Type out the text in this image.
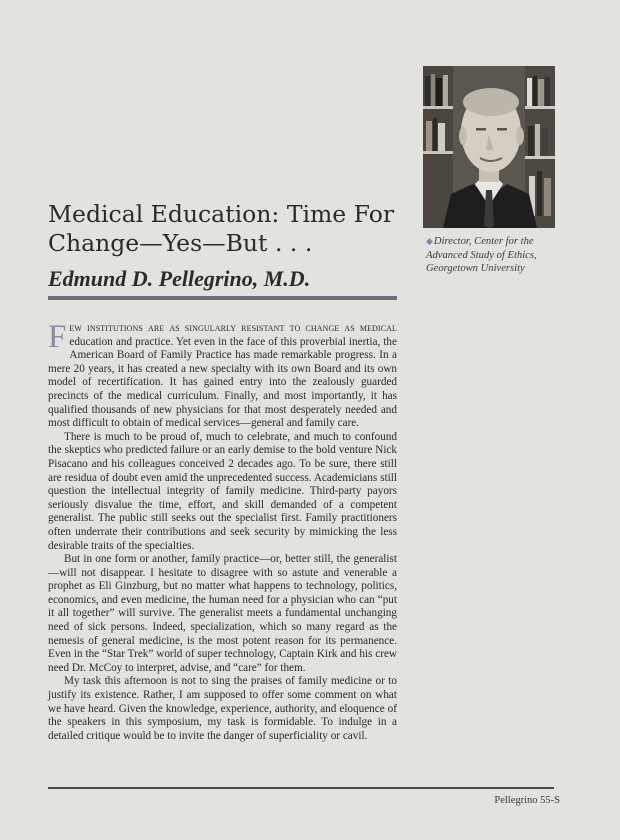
◆Director, Center for the
Advanced Study of Ethics,
Georgetown University
Medical Education: Time For
Change—Yes—But . . .
Edmund D. Pellegrino, M.D.

Few institutions are as singularly resistant to change as medical education and practice. Yet even in the face of this proverbial inertia, the American Board of Family Practice has made remarkable progress. In a mere 20 years, it has created a new specialty with its own Board and its own model of recertification. It has gained entry into the zealously guarded precincts of the medical curriculum. Finally, and most importantly, it has qualified thousands of new physicians for that most desperately needed and most difficult to obtain of medical services—general and family care.

There is much to be proud of, much to celebrate, and much to confound the skeptics who predicted failure or an early demise to the bold venture Nick Pisacano and his colleagues conceived 2 decades ago. To be sure, there still are residua of doubt even amid the unprecedented success. Academicians still question the intellectual integrity of family medicine. Third-party payors seriously disvalue the time, effort, and skill demanded of a competent generalist. The public still seeks out the specialist first. Family practitioners often underrate their contributions and seek security by mimicking the less desirable traits of the specialties.

But in one form or another, family practice—or, better still, the generalist—will not disappear. I hesitate to disagree with so astute and venerable a prophet as Eli Ginzburg, but no matter what happens to technology, politics, economics, and even medicine, the human need for a physician who can “put it all together” will survive. The generalist meets a fundamental unchanging need of sick persons. Indeed, specialization, which so many regard as the nemesis of general medicine, is the most potent reason for its permanence. Even in the “Star Trek” world of super technology, Captain Kirk and his crew need Dr. McCoy to interpret, advise, and “care” for them.

My task this afternoon is not to sing the praises of family medicine or to justify its existence. Rather, I am supposed to offer some comment on what we have heard. Given the knowledge, experience, authority, and eloquence of the speakers in this symposium, my task is formidable. To indulge in a detailed critique would be to invite the danger of superficiality or cavil.

Pellegrino 55-S
